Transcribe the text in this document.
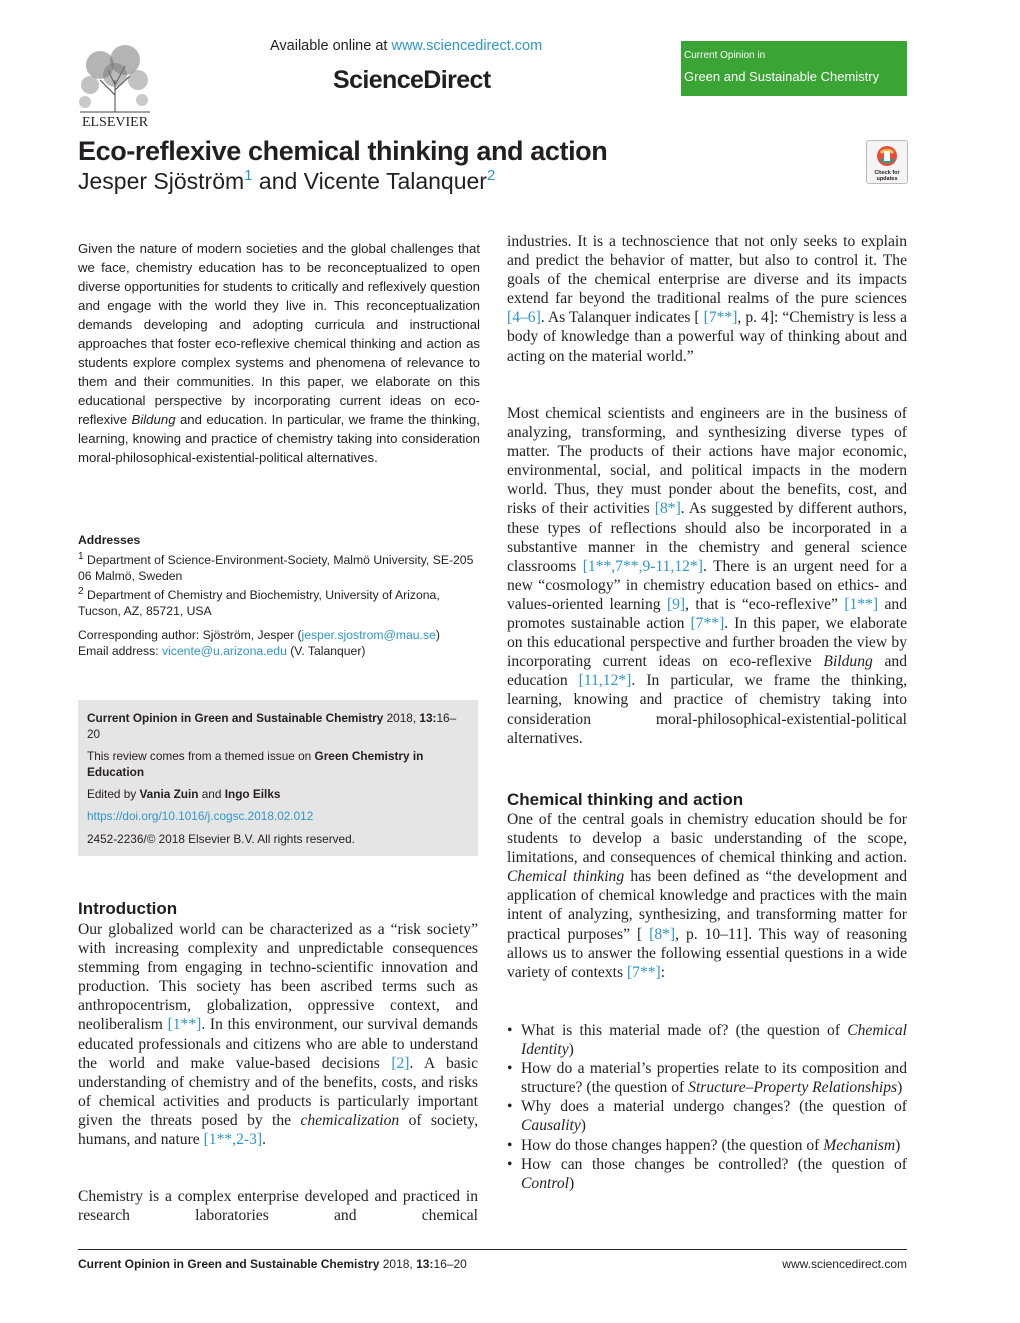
ELSEVIER
Available online at www.sciencedirect.com
ScienceDirect
Current Opinion in
Green and Sustainable Chemistry
Eco-reflexive chemical thinking and action
Jesper Sjöström$^1$ and Vicente Talanquer$^2$	Check for updates
Given the nature of modern societies and the global challenges that we face, chemistry education has to be reconceptualized to open diverse opportunities for students to critically and reflexively question and engage with the world they live in. This reconceptualization demands developing and adopting curricula and instructional approaches that foster eco-reflexive chemical thinking and action as students explore complex systems and phenomena of relevance to them and their communities. In this paper, we elaborate on this educational perspective by incorporating current ideas on eco-reflexive Bildung and education. In particular, we frame the thinking, learning, knowing and practice of chemistry taking into consideration moral-philosophical-existential-political alternatives.
Addresses
$^1$ Department of Science-Environment-Society, Malmö University, SE-205 06 Malmö, Sweden
$^2$ Department of Chemistry and Biochemistry, University of Arizona, Tucson, AZ, 85721, USA
Corresponding author: Sjöström, Jesper (jesper.sjostrom@mau.se)
Email address: vicente@u.arizona.edu (V. Talanquer)
Current Opinion in Green and Sustainable Chemistry 2018, 13:16–20
This review comes from a themed issue on Green Chemistry in Education
Edited by Vania Zuin and Ingo Eilks
https://doi.org/10.1016/j.cogsc.2018.02.012
2452-2236/© 2018 Elsevier B.V. All rights reserved.
Introduction
Our globalized world can be characterized as a “risk society” with increasing complexity and unpredictable consequences stemming from engaging in techno-scientific innovation and production. This society has been ascribed terms such as anthropocentrism, globalization, oppressive context, and neoliberalism [1**]. In this environment, our survival demands educated professionals and citizens who are able to understand the world and make value-based decisions [2]. A basic understanding of chemistry and of the benefits, costs, and risks of chemical activities and products is particularly important given the threats posed by the chemicalization of society, humans, and nature [1**,2-3].
Chemistry is a complex enterprise developed and practiced in research laboratories and chemical
industries. It is a technoscience that not only seeks to explain and predict the behavior of matter, but also to control it. The goals of the chemical enterprise are diverse and its impacts extend far beyond the traditional realms of the pure sciences [4–6]. As Talanquer indicates [ [7**], p. 4]: “Chemistry is less a body of knowledge than a powerful way of thinking about and acting on the material world.”
Most chemical scientists and engineers are in the business of analyzing, transforming, and synthesizing diverse types of matter. The products of their actions have major economic, environmental, social, and political impacts in the modern world. Thus, they must ponder about the benefits, cost, and risks of their activities [8*]. As suggested by different authors, these types of reflections should also be incorporated in a substantive manner in the chemistry and general science classrooms [1**,7**,9-11,12*]. There is an urgent need for a new “cosmology” in chemistry education based on ethics- and values-oriented learning [9], that is “eco-reflexive” [1**] and promotes sustainable action [7**]. In this paper, we elaborate on this educational perspective and further broaden the view by incorporating current ideas on eco-reflexive Bildung and education [11,12*]. In particular, we frame the thinking, learning, knowing and practice of chemistry taking into consideration moral-philosophical-existential-political alternatives.
Chemical thinking and action
One of the central goals in chemistry education should be for students to develop a basic understanding of the scope, limitations, and consequences of chemical thinking and action. Chemical thinking has been defined as “the development and application of chemical knowledge and practices with the main intent of analyzing, synthesizing, and transforming matter for practical purposes” [ [8*], p. 10–11]. This way of reasoning allows us to answer the following essential questions in a wide variety of contexts [7**]:
• What is this material made of? (the question of Chemical Identity)
• How do a material’s properties relate to its composition and structure? (the question of Structure–Property Relationships)
• Why does a material undergo changes? (the question of Causality)
• How do those changes happen? (the question of Mechanism)
• How can those changes be controlled? (the question of Control)
Current Opinion in Green and Sustainable Chemistry 2018, 13:16–20	www.sciencedirect.com
